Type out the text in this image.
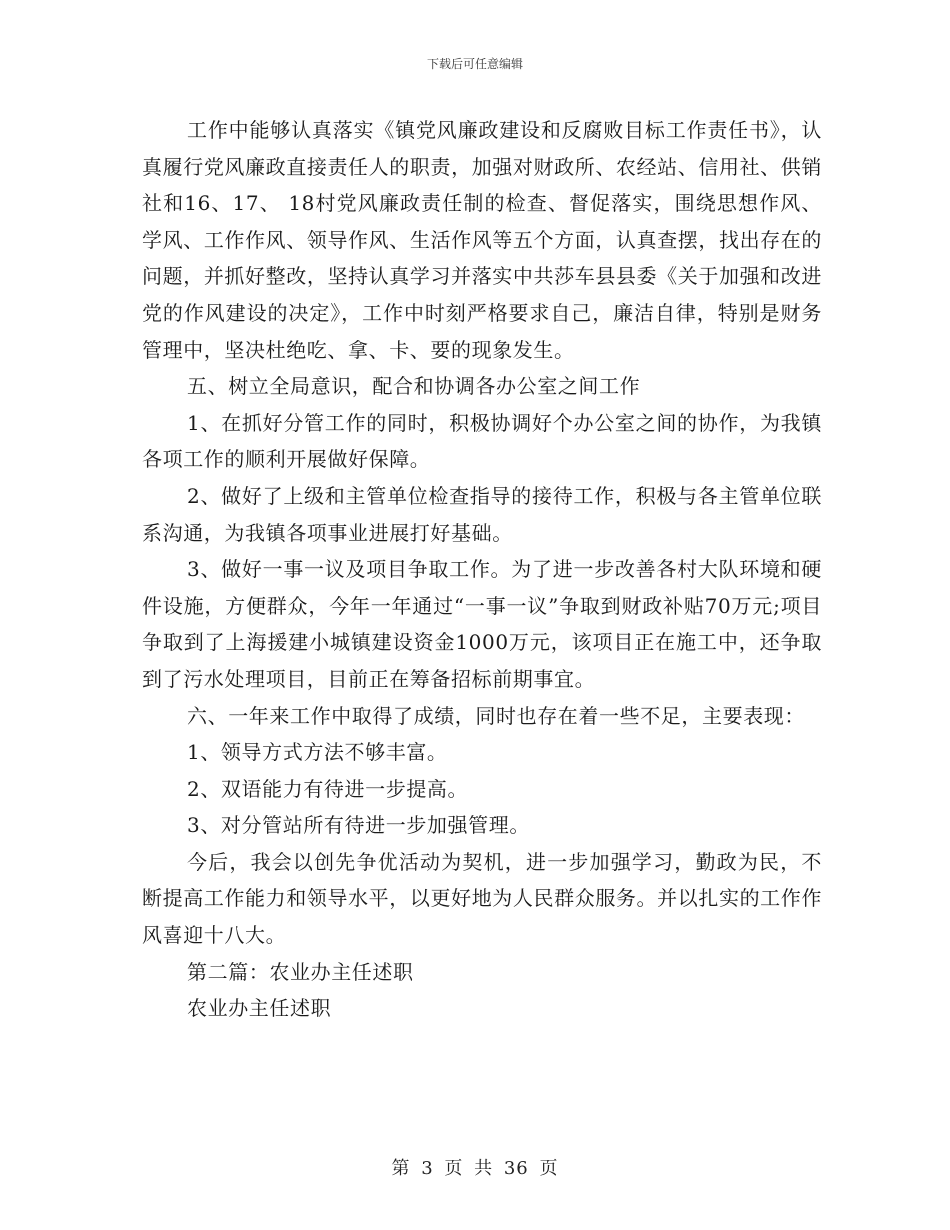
下载后可任意编辑

工作中能够认真落实《镇党风廉政建设和反腐败目标工作责任书》，认真履行党风廉政直接责任人的职责，加强对财政所、农经站、信用社、供销社和16、17、 18村党风廉政责任制的检查、督促落实，围绕思想作风、学风、工作作风、领导作风、生活作风等五个方面，认真查摆，找出存在的问题，并抓好整改，坚持认真学习并落实中共莎车县县委《关于加强和改进党的作风建设的决定》，工作中时刻严格要求自己，廉洁自律，特别是财务管理中，坚决杜绝吃、拿、卡、要的现象发生。

五、树立全局意识，配合和协调各办公室之间工作

1、在抓好分管工作的同时，积极协调好个办公室之间的协作，为我镇各项工作的顺利开展做好保障。

2、做好了上级和主管单位检查指导的接待工作，积极与各主管单位联系沟通，为我镇各项事业进展打好基础。

3、做好一事一议及项目争取工作。为了进一步改善各村大队环境和硬件设施，方便群众，今年一年通过“一事一议”争取到财政补贴70万元;项目争取到了上海援建小城镇建设资金1000万元，该项目正在施工中，还争取到了污水处理项目，目前正在筹备招标前期事宜。

六、一年来工作中取得了成绩，同时也存在着一些不足，主要表现：

1、领导方式方法不够丰富。

2、双语能力有待进一步提高。

3、对分管站所有待进一步加强管理。

今后，我会以创先争优活动为契机，进一步加强学习，勤政为民，不断提高工作能力和领导水平，以更好地为人民群众服务。并以扎实的工作作风喜迎十八大。

第二篇：农业办主任述职

农业办主任述职

第 3 页 共 36 页
